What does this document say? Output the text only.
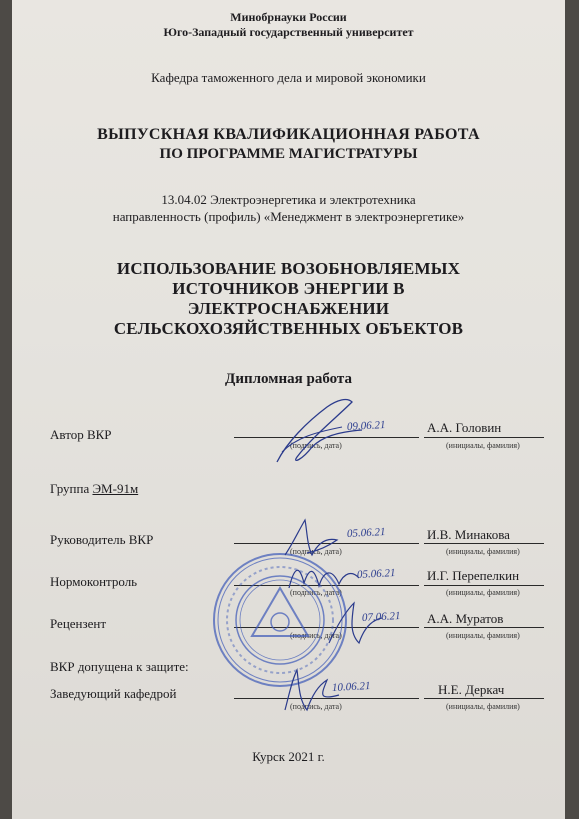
Минобрнауки России
Юго-Западный государственный университет
Кафедра таможенного дела и мировой экономики
ВЫПУСКНАЯ КВАЛИФИКАЦИОННАЯ РАБОТА
ПО ПРОГРАММЕ МАГИСТРАТУРЫ
13.04.02 Электроэнергетика и электротехника
направленность (профиль) «Менеджмент в электроэнергетике»
ИСПОЛЬЗОВАНИЕ ВОЗОБНОВЛЯЕМЫХ
ИСТОЧНИКОВ ЭНЕРГИИ В
ЭЛЕКТРОСНАБЖЕНИИ
СЕЛЬСКОХОЗЯЙСТВЕННЫХ ОБЪЕКТОВ
Дипломная работа
Автор ВКР
09.06.21
(подпись, дата)
А.А. Головин
(инициалы, фамилия)
Группа ЭМ-91м
Руководитель ВКР	05.06.21
(подпись, дата)
И.В. Минакова
(инициалы, фамилия)
Нормоконтроль	05.06.21
(подпись, дата)
И.Г. Перепелкин
(инициалы, фамилия)
Рецензент	07.06.21
(подпись, дата)
А.А. Муратов
(инициалы, фамилия)
ВКР допущена к защите:
Заведующий кафедрой	10.06.21
(подпись, дата)
Н.Е. Деркач
(инициалы, фамилия)
Курск 2021 г.
